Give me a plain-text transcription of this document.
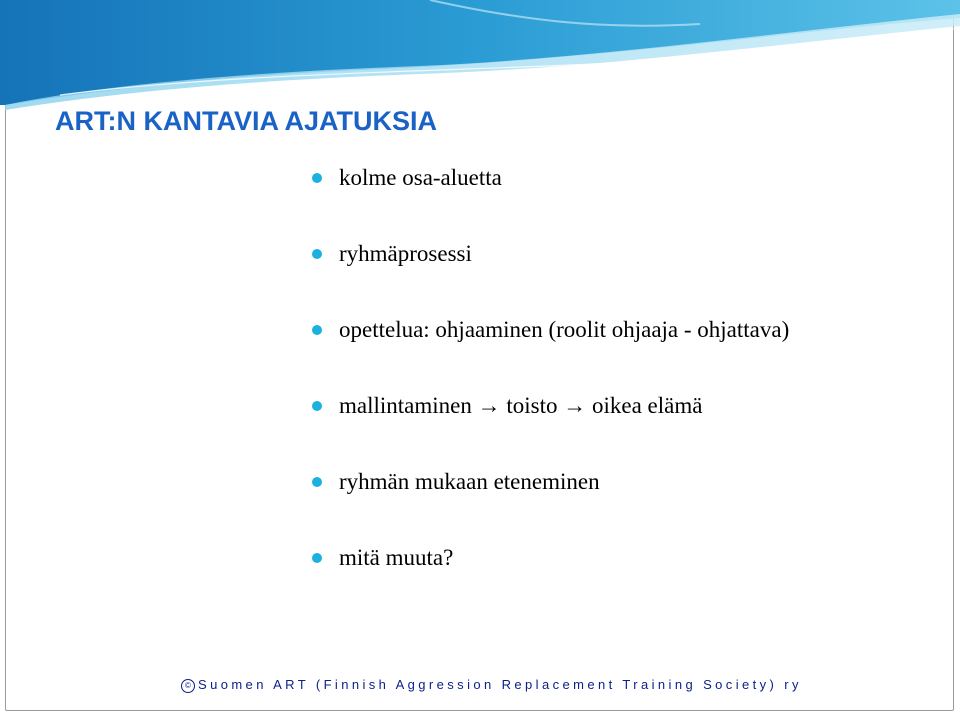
ART:N KANTAVIA AJATUKSIA
kolme osa-aluetta
ryhmäprosessi
opettelua: ohjaaminen (roolit ohjaaja - ohjattava)
mallintaminen → toisto → oikea elämä
ryhmän mukaan eteneminen
mitä muuta?
© Suomen ART (Finnish Aggression Replacement Training Society) ry
